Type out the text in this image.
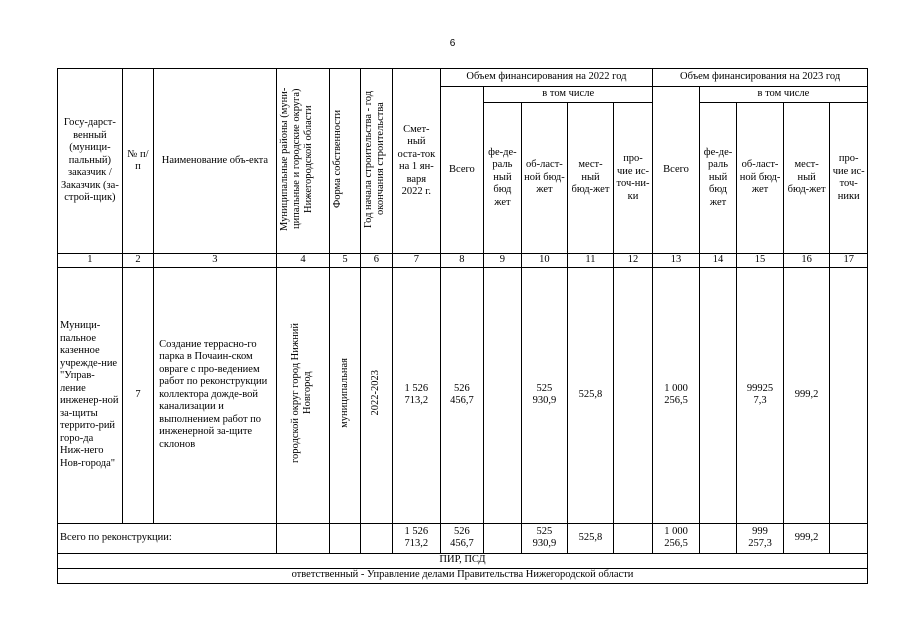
6
Госу-дарст-венный (муници-пальный) заказчик / Заказчик (за-строй-щик)	№ п/п	Наименование объ-екта	Муниципальные районы (муни-ципальные и городские округа) Нижегородской области	Форма собственности	Год начала строительства - год окончания строительства	Смет-ный оста-ток на 1 ян-варя 2022 г.	Объем финансирования на 2022 год					Объем финансирования на 2023 год				
							Всего	в том числе				Всего	в том числе			
								фе-де-раль ный бюд жет	об-ласт-ной бюд-жет	мест-ный бюд-жет	про-чие ис-точ-ни-ки		фе-де-раль ный бюд жет	об-ласт-ной бюд-жет	мест-ный бюд-жет	про-чие ис-точ-ники
1	2	3	4	5	6	7	8	9	10	11	12	13	14	15	16	17
Муници-пальное казенное учрежде-ние "Управ-ление инженер-ной за-щиты террито-рий горо-да Ниж-него Нов-города"	7	Создание террасно-го парка в Почаин-ском овраге с про-ведением работ по реконструкции коллектора дожде-вой канализации и выполнением работ по инженерной за-щите склонов	городской округ город Нижний Новгород	муниципальная	2022-2023	1 526 713,2	526 456,7		525 930,9	525,8		1 000 256,5		99925 7,3	999,2	
Всего по реконструкции:						1 526 713,2	526 456,7		525 930,9	525,8		1 000 256,5		999 257,3	999,2	
ПИР, ПСД																
ответственный - Управление делами Правительства Нижегородской области																
